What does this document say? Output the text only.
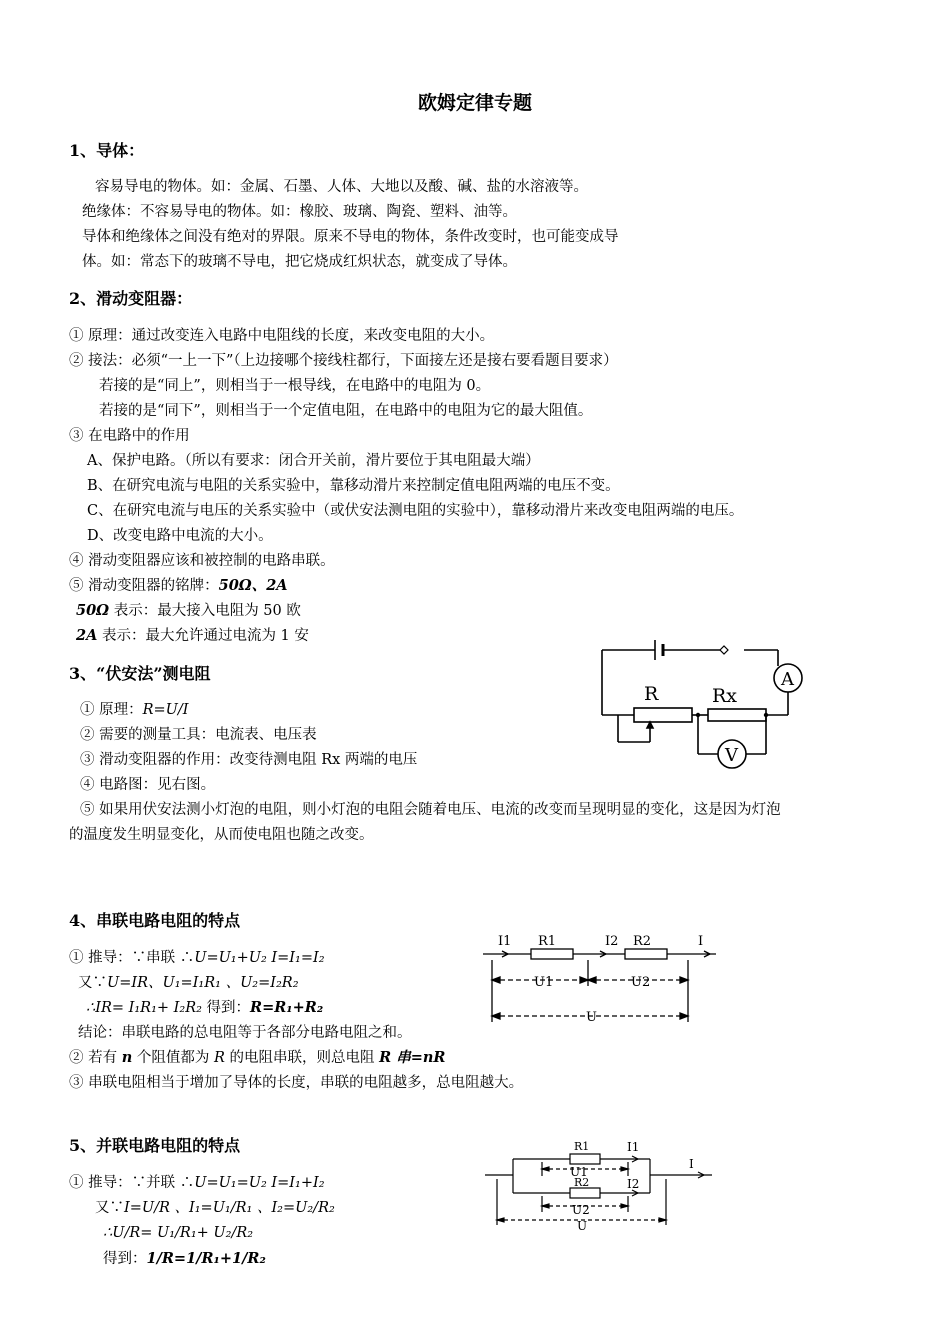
欧姆定律专题
1、导体：
容易导电的物体。如：金属、石墨、人体、大地以及酸、碱、盐的水溶液等。
绝缘体：不容易导电的物体。如：橡胶、玻璃、陶瓷、塑料、油等。
导体和绝缘体之间没有绝对的界限。原来不导电的物体，条件改变时，也可能变成导
体。如：常态下的玻璃不导电，把它烧成红炽状态，就变成了导体。
2、滑动变阻器：
① 原理：通过改变连入电路中电阻线的长度，来改变电阻的大小。
② 接法：必须“一上一下”（上边接哪个接线柱都行，下面接左还是接右要看题目要求）
若接的是“同上”，则相当于一根导线，在电路中的电阻为 0。
若接的是“同下”，则相当于一个定值电阻，在电路中的电阻为它的最大阻值。
③ 在电路中的作用
A、保护电路。（所以有要求：闭合开关前，滑片要位于其电阻最大端）
B、在研究电流与电阻的关系实验中，靠移动滑片来控制定值电阻两端的电压不变。
C、在研究电流与电压的关系实验中（或伏安法测电阻的实验中），靠移动滑片来改变电阻两端的电压。
D、改变电路中电流的大小。
④ 滑动变阻器应该和被控制的电路串联。
⑤ 滑动变阻器的铭牌：50Ω、2A
50Ω 表示：最大接入电阻为 50 欧
2A 表示：最大允许通过电流为 1 安
3、“伏安法”测电阻
① 原理：R=U/I
② 需要的测量工具：电流表、电压表
③ 滑动变阻器的作用：改变待测电阻 Rx 两端的电压
④ 电路图：见右图。
⑤ 如果用伏安法测小灯泡的电阻，则小灯泡的电阻会随着电压、电流的改变而呈现明显的变化，这是因为灯泡
的温度发生明显变化，从而使电阻也随之改变。
R	Rx
A
V
4、串联电路电阻的特点
① 推导：∵串联 ∴U=U₁+U₂ I=I₁=I₂
又∵U=IR、U₁=I₁R₁ 、U₂=I₂R₂
∴IR= I₁R₁+ I₂R₂ 得到：R=R₁+R₂
结论：串联电路的总电阻等于各部分电路电阻之和。
② 若有 n 个阻值都为 R 的电阻串联，则总电阻 R 串=nR
③ 串联电阻相当于增加了导体的长度，串联的电阻越多，总电阻越大。
I1 R1	I2 R2	I
U1	U2
U
5、并联电路电阻的特点
① 推导：∵并联 ∴U=U₁=U₂ I=I₁+I₂
又∵I=U/R 、I₁=U₁/R₁ 、I₂=U₂/R₂
∴U/R= U₁/R₁+ U₂/R₂
得到：1/R=1/R₁+1/R₂
R1	I1
U1
R2	I2
U2
U
I
